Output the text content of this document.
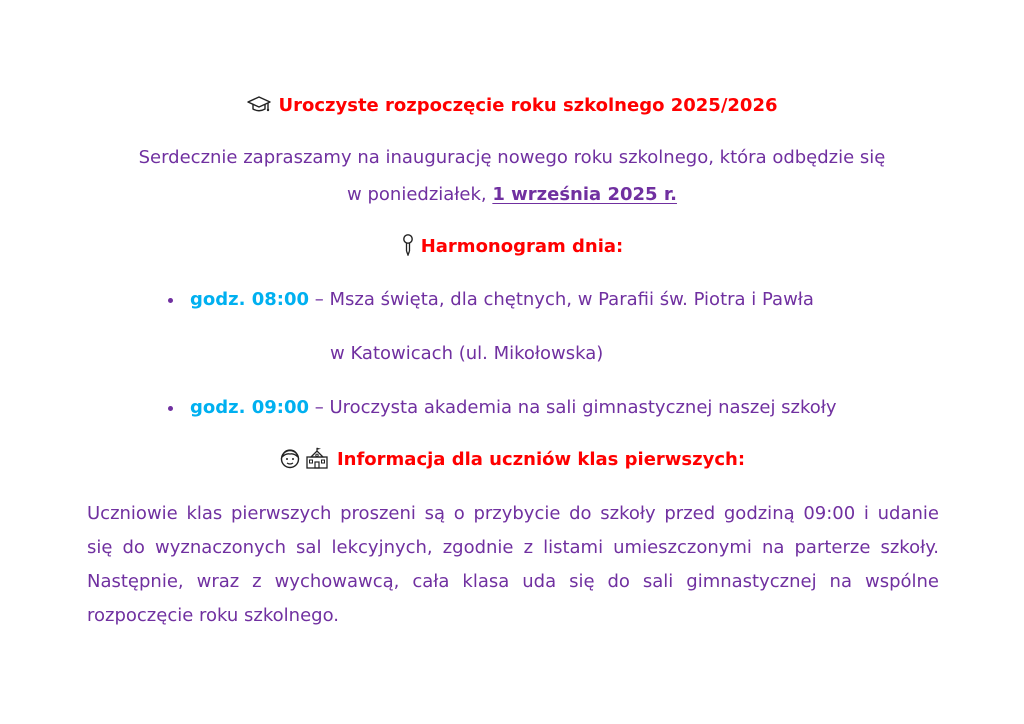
Uroczyste rozpoczęcie roku szkolnego 2025/2026
Serdecznie zapraszamy na inaugurację nowego roku szkolnego, która odbędzie się
w poniedziałek, 1 września 2025 r.
Harmonogram dnia:
godz. 08:00 – Msza święta, dla chętnych, w Parafii św. Piotra i Pawła
w Katowicach (ul. Mikołowska)
godz. 09:00 – Uroczysta akademia na sali gimnastycznej naszej szkoły
Informacja dla uczniów klas pierwszych:
Uczniowie klas pierwszych proszeni są o przybycie do szkoły przed godziną 09:00 i udanie
się do wyznaczonych sal lekcyjnych, zgodnie z listami umieszczonymi na parterze szkoły.
Następnie, wraz z wychowawcą, cała klasa uda się do sali gimnastycznej na wspólne
rozpoczęcie roku szkolnego.
